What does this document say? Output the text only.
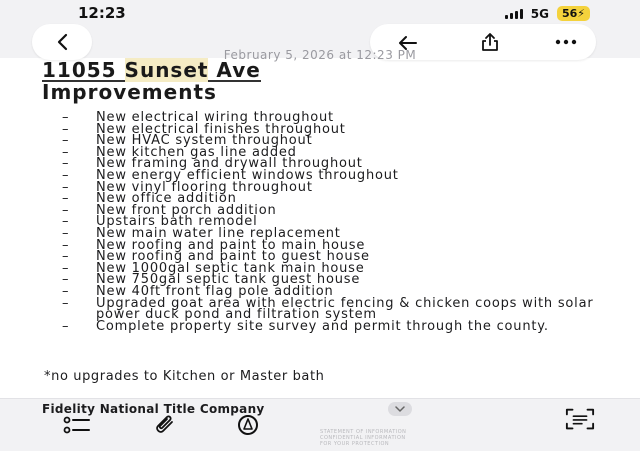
12:23	5G	56⚡
February 5, 2026 at 12:23 PM
11055 Sunset Ave
Improvements
– New electrical wiring throughout
– New electrical finishes throughout
– New HVAC system throughout
– New kitchen gas line added
– New framing and drywall throughout
– New energy efficient windows throughout
– New vinyl flooring throughout
– New office addition
– New front porch addition
– Upstairs bath remodel
– New main water line replacement
– New roofing and paint to main house
– New roofing and paint to guest house
– New 1000gal septic tank main house
– New 750gal septic tank guest house
– New 40ft front flag pole addition
– Upgraded goat area with electric fencing & chicken coops with solar power duck pond and filtration system
– Complete property site survey and permit through the county.
*no upgrades to Kitchen or Master bath
Fidelity National Title Company
STATEMENT OF INFORMATION
CONFIDENTIAL INFORMATION
FOR YOUR PROTECTION
